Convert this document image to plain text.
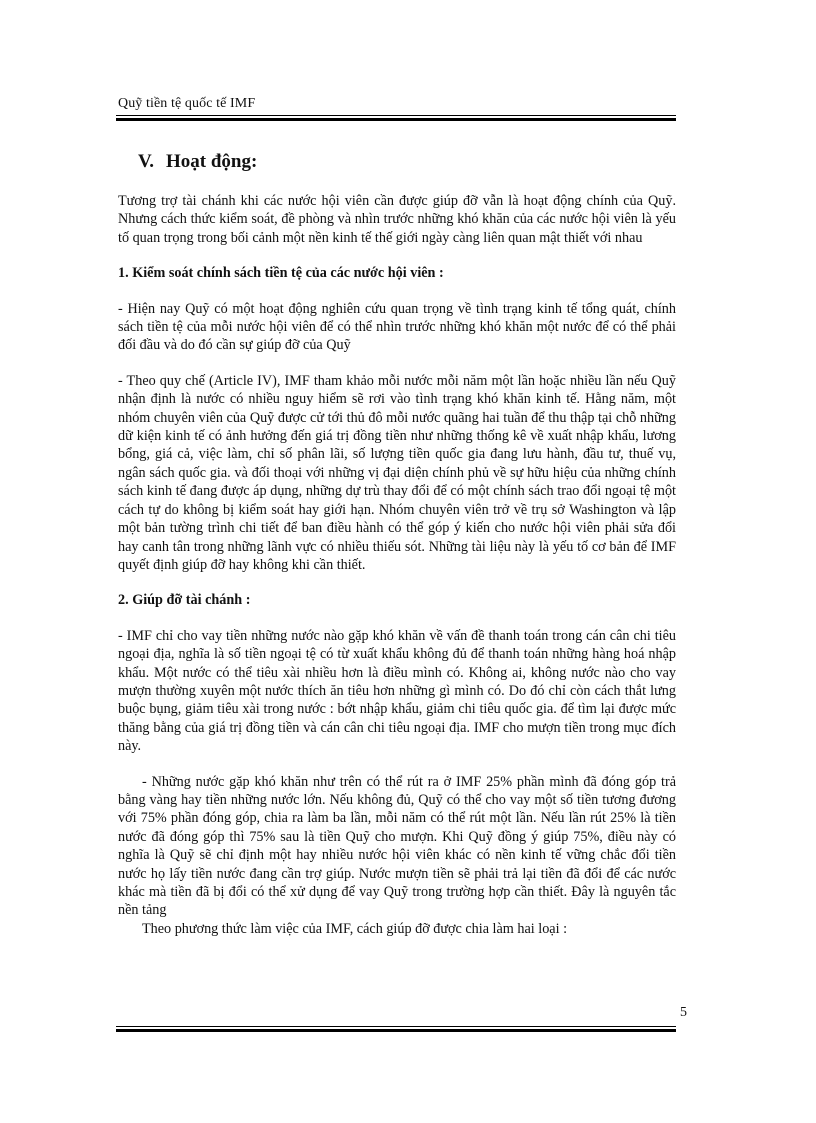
Quỹ tiền tệ quốc tế IMF
V. Hoạt động:

Tương trợ tài chánh khi các nước hội viên cần được giúp đỡ vẫn là hoạt động chính của Quỹ. Nhưng cách thức kiểm soát, đề phòng và nhìn trước những khó khăn của các nước hội viên là yếu tố quan trọng trong bối cảnh một nền kinh tế thế giới ngày càng liên quan mật thiết với nhau

1. Kiểm soát chính sách tiền tệ của các nước hội viên :

- Hiện nay Quỹ có một hoạt động nghiên cứu quan trọng về tình trạng kinh tế tổng quát, chính sách tiền tệ của mỗi nước hội viên để có thể nhìn trước những khó khăn một nước để có thể phải đối đầu và do đó cần sự giúp đỡ của Quỹ

- Theo quy chế (Article IV), IMF tham khảo mỗi nước mỗi năm một lần hoặc nhiều lần nếu Quỹ nhận định là nước có nhiều nguy hiểm sẽ rơi vào tình trạng khó khăn kinh tế. Hằng năm, một nhóm chuyên viên của Quỹ được cử tới thủ đô mỗi nước quãng hai tuần để thu thập tại chỗ những dữ kiện kinh tế có ảnh hưởng đến giá trị đồng tiền như những thống kê về xuất nhập khẩu, lương bổng, giá cả, việc làm, chỉ số phân lãi, số lượng tiền quốc gia đang lưu hành, đầu tư, thuế vụ, ngân sách quốc gia. và đối thoại với những vị đại diện chính phủ về sự hữu hiệu của những chính sách kinh tế đang được áp dụng, những dự trù thay đổi để có một chính sách trao đổi ngoại tệ một cách tự do không bị kiểm soát hay giới hạn. Nhóm chuyên viên trở về trụ sở Washington và lập một bản tường trình chi tiết để ban điều hành có thể góp ý kiến cho nước hội viên phải sửa đổi hay canh tân trong những lãnh vực có nhiều thiếu sót. Những tài liệu này là yếu tố cơ bản để IMF quyết định giúp đỡ hay không khi cần thiết.

2. Giúp đỡ tài chánh :

- IMF chỉ cho vay tiền những nước nào gặp khó khăn về vấn đề thanh toán trong cán cân chi tiêu ngoại địa, nghĩa là số tiền ngoại tệ có từ xuất khẩu không đủ để thanh toán những hàng hoá nhập khẩu. Một nước có thể tiêu xài nhiều hơn là điều mình có. Không ai, không nước nào cho vay mượn thường xuyên một nước thích ăn tiêu hơn những gì mình có. Do đó chỉ còn cách thắt lưng buộc bụng, giảm tiêu xài trong nước : bớt nhập khẩu, giảm chi tiêu quốc gia. để tìm lại được mức thăng bằng của giá trị đồng tiền và cán cân chi tiêu ngoại địa. IMF cho mượn tiền trong mục đích này.

- Những nước gặp khó khăn như trên có thể rút ra ở IMF 25% phần mình đã đóng góp trả bằng vàng hay tiền những nước lớn. Nếu không đủ, Quỹ có thể cho vay một số tiền tương đương với 75% phần đóng góp, chia ra làm ba lần, mỗi năm có thể rút một lần. Nếu lần rút 25% là tiền nước đã đóng góp thì 75% sau là tiền Quỹ cho mượn. Khi Quỹ đồng ý giúp 75%, điều này có nghĩa là Quỹ sẽ chỉ định một hay nhiều nước hội viên khác có nền kinh tế vững chắc đổi tiền nước họ lấy tiền nước đang cần trợ giúp. Nước mượn tiền sẽ phải trả lại tiền đã đổi để các nước khác mà tiền đã bị đổi có thể xử dụng để vay Quỹ trong trường hợp cần thiết. Đây là nguyên tắc nền tảng

Theo phương thức làm việc của IMF, cách giúp đỡ được chia làm hai loại :

5
